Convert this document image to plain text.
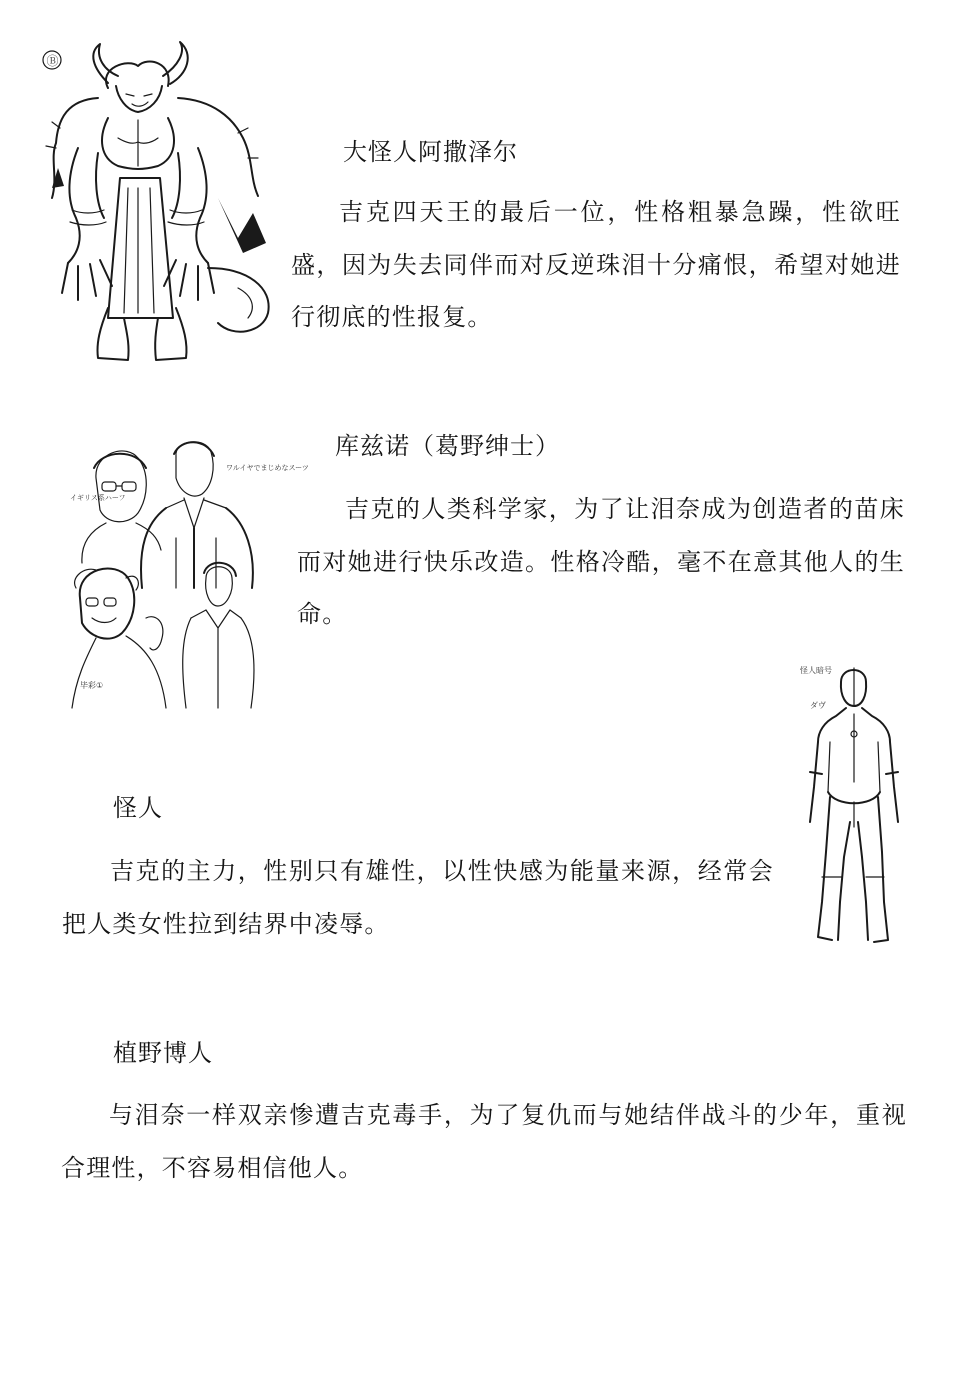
Ⓑ
大怪人阿撒泽尔
吉克四天王的最后一位，性格粗暴急躁，性欲旺盛，因为失去同伴而对反逆珠泪十分痛恨，希望对她进行彻底的性报复。
イギリス系ハーフ
ワルイヤでまじめなスーツ
毕彩①
库兹诺（葛野绅士）
吉克的人类科学家，为了让泪奈成为创造者的苗床而对她进行快乐改造。性格冷酷，毫不在意其他人的生命。
怪人暗号
ダヴ
怪人
吉克的主力，性别只有雄性，以性快感为能量来源，经常会把人类女性拉到结界中凌辱。
植野博人
与泪奈一样双亲惨遭吉克毒手，为了复仇而与她结伴战斗的少年，重视合理性，不容易相信他人。
